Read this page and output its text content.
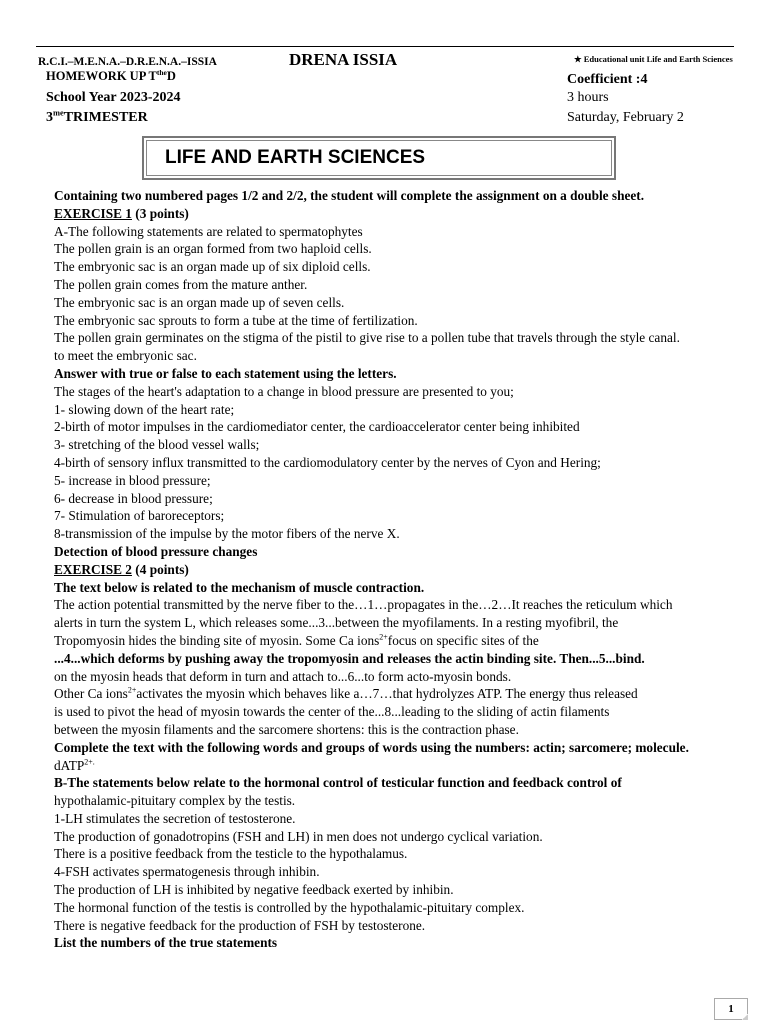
R.C.I.–M.E.N.A.–D.R.E.N.A.–ISSIA	DRENA ISSIA	★ Educational unit Life and Earth Sciences
HOMEWORK UP $T^{the}D$
School Year 2023-2024
$3^{me}TRIMESTER$
Coefficient :4
3 hours
Saturday, February 2
LIFE AND EARTH SCIENCES
Containing two numbered pages 1/2 and 2/2, the student will complete the assignment on a double sheet.
EXERCISE 1 (3 points)
A-The following statements are related to spermatophytes
The pollen grain is an organ formed from two haploid cells.
The embryonic sac is an organ made up of six diploid cells.
The pollen grain comes from the mature anther.
The embryonic sac is an organ made up of seven cells.
The embryonic sac sprouts to form a tube at the time of fertilization.
The pollen grain germinates on the stigma of the pistil to give rise to a pollen tube that travels through the style canal.
to meet the embryonic sac.
Answer with true or false to each statement using the letters.
The stages of the heart's adaptation to a change in blood pressure are presented to you;
1- slowing down of the heart rate;
2-birth of motor impulses in the cardiomediator center, the cardioaccelerator center being inhibited
3- stretching of the blood vessel walls;
4-birth of sensory influx transmitted to the cardiomodulatory center by the nerves of Cyon and Hering;
5- increase in blood pressure;
6- decrease in blood pressure;
7- Stimulation of baroreceptors;
8-transmission of the impulse by the motor fibers of the nerve X.
Detection of blood pressure changes
EXERCISE 2 (4 points)
The text below is related to the mechanism of muscle contraction.
The action potential transmitted by the nerve fiber to the…1…propagates in the…2…It reaches the reticulum which
alerts in turn the system L, which releases some...3...between the myofilaments. In a resting myofibril, the
Tropomyosin hides the binding site of myosin. Some Ca ions$^{2+}$focus on specific sites of the
...4...which deforms by pushing away the tropomyosin and releases the actin binding site. Then...5...bind.
on the myosin heads that deform in turn and attach to...6...to form acto-myosin bonds.
Other Ca ions$^{2+}$activates the myosin which behaves like a…7…that hydrolyzes ATP. The energy thus released
is used to pivot the head of myosin towards the center of the...8...leading to the sliding of actin filaments
between the myosin filaments and the sarcomere shortens: this is the contraction phase.
Complete the text with the following words and groups of words using the numbers: actin; sarcomere; molecule.
dATP$^{2+.}$
B-The statements below relate to the hormonal control of testicular function and feedback control of
hypothalamic-pituitary complex by the testis.
1-LH stimulates the secretion of testosterone.
The production of gonadotropins (FSH and LH) in men does not undergo cyclical variation.
There is a positive feedback from the testicle to the hypothalamus.
4-FSH activates spermatogenesis through inhibin.
The production of LH is inhibited by negative feedback exerted by inhibin.
The hormonal function of the testis is controlled by the hypothalamic-pituitary complex.
There is negative feedback for the production of FSH by testosterone.
List the numbers of the true statements
1
